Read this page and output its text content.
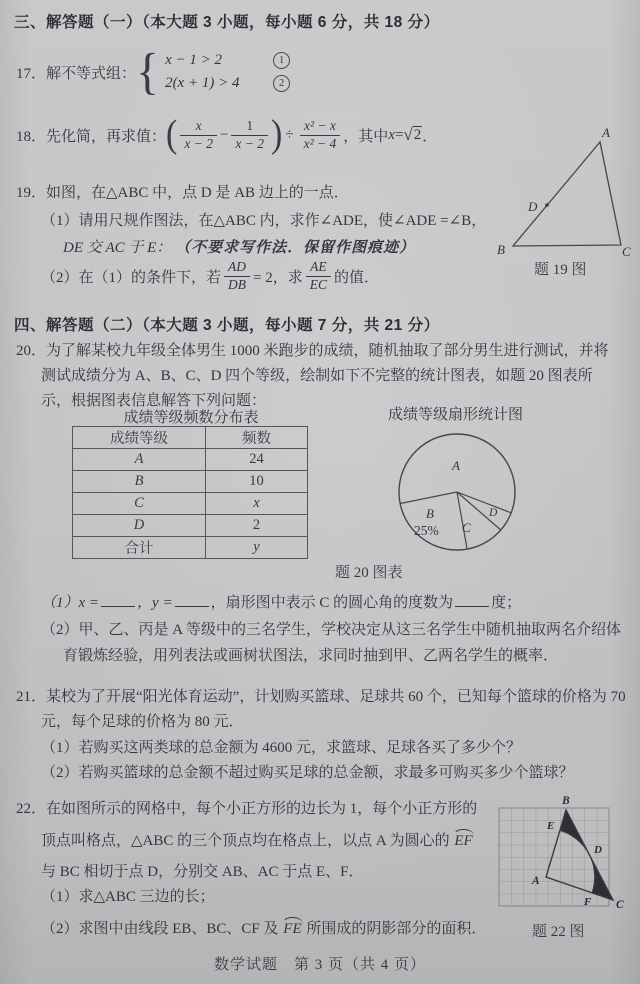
三、解答题（一）（本大题 3 小题，每小题 6 分，共 18 分）
17．解不等式组： { x − 1 > 2	1
2(x + 1) > 4	2
18．先化简，再求值： ( $\frac{x}{x - 2} - \frac{1}{x - 2}$ ) ÷ $\frac{\text{x² − x}}{\text{x² − 4}}$ ，其中 x = √ 2 ．
19．如图，在△ABC 中，点 D 是 AB 边上的一点．
（1）请用尺规作图法，在△ABC 内，求作∠ADE，使∠ADE =∠B，
DE 交 AC 于 E： （不要求写作法．保留作图痕迹）
（2）在（1）的条件下，若 $\frac{AD}{DB} = 2$，求 $\frac{AE}{EC}$ 的值．
A
B	C
D
题 19 图
四、解答题（二）（本大题 3 小题，每小题 7 分，共 21 分）
20．为了解某校九年级全体男生 1000 米跑步的成绩，随机抽取了部分男生进行测试，并将
测试成绩分为 A、B、C、D 四个等级，绘制如下不完整的统计图表，如题 20 图表所
示，根据图表信息解答下列问题：
成绩等级频数分布表
成绩等级	频数
A	24
B	10
C	x
D	2
合计	y
成绩等级扇形统计图
A
B
25% C
D
题 20 图表
（1）x =	，y =	，扇形图中表示 C 的圆心角的度数为	度；
（2）甲、乙、丙是 A 等级中的三名学生，学校决定从这三名学生中随机抽取两名介绍体
育锻炼经验，用列表法或画树状图法，求同时抽到甲、乙两名学生的概率．
21．某校为了开展“阳光体育运动”，计划购买篮球、足球共 60 个，已知每个篮球的价格为 70
元，每个足球的价格为 80 元．
（1）若购买这两类球的总金额为 4600 元，求篮球、足球各买了多少个？
（2）若购买篮球的总金额不超过购买足球的总金额，求最多可购买多少个篮球？
22．在如图所示的网格中，每个小正方形的边长为 1，每个小正方形的
顶点叫格点，△ABC 的三个顶点均在格点上，以点 A 为圆心的 EF
与 BC 相切于点 D，分别交 AB、AC 于点 E、F．
（1）求△ABC 三边的长；
（2）求图中由线段 EB、BC、CF 及 FE 所围成的阴影部分的面积．
B
E
A
D
F C
题 22 图
数学试题　第 3 页（共 4 页）
